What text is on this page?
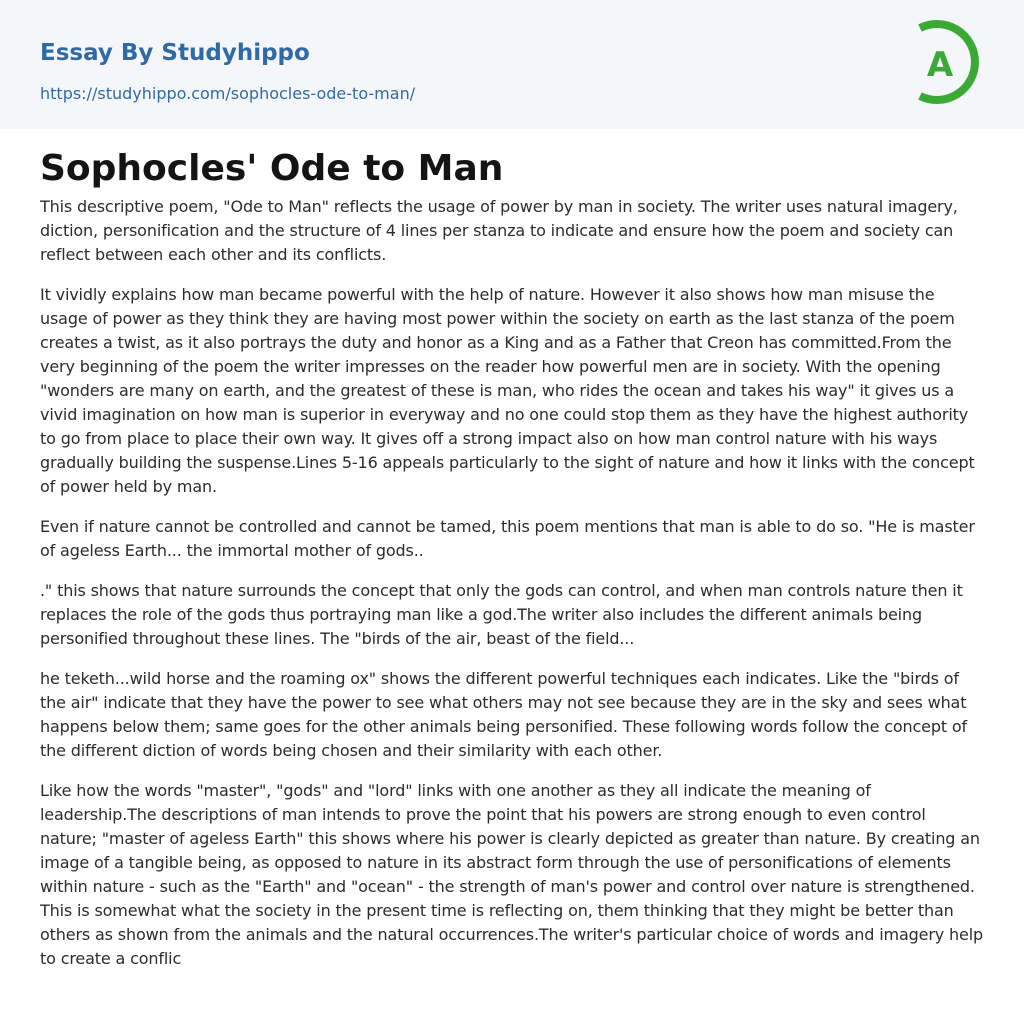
Essay By Studyhippo
https://studyhippo.com/sophocles-ode-to-man/
A
Sophocles' Ode to Man

This descriptive poem, "Ode to Man" reflects the usage of power by man in society. The writer uses natural imagery, diction, personification and the structure of 4 lines per stanza to indicate and ensure how the poem and society can reflect between each other and its conflicts.

It vividly explains how man became powerful with the help of nature. However it also shows how man misuse the usage of power as they think they are having most power within the society on earth as the last stanza of the poem creates a twist, as it also portrays the duty and honor as a King and as a Father that Creon has committed.From the very beginning of the poem the writer impresses on the reader how powerful men are in society. With the opening "wonders are many on earth, and the greatest of these is man, who rides the ocean and takes his way" it gives us a vivid imagination on how man is superior in everyway and no one could stop them as they have the highest authority to go from place to place their own way. It gives off a strong impact also on how man control nature with his ways gradually building the suspense.Lines 5-16 appeals particularly to the sight of nature and how it links with the concept of power held by man.

Even if nature cannot be controlled and cannot be tamed, this poem mentions that man is able to do so. "He is master of ageless Earth... the immortal mother of gods..

." this shows that nature surrounds the concept that only the gods can control, and when man controls nature then it replaces the role of the gods thus portraying man like a god.The writer also includes the different animals being personified throughout these lines. The "birds of the air, beast of the field...

he teketh...wild horse and the roaming ox" shows the different powerful techniques each indicates. Like the "birds of the air" indicate that they have the power to see what others may not see because they are in the sky and sees what happens below them; same goes for the other animals being personified. These following words follow the concept of the different diction of words being chosen and their similarity with each other.

Like how the words "master", "gods" and "lord" links with one another as they all indicate the meaning of leadership.The descriptions of man intends to prove the point that his powers are strong enough to even control nature; "master of ageless Earth" this shows where his power is clearly depicted as greater than nature. By creating an image of a tangible being, as opposed to nature in its abstract form through the use of personifications of elements within nature - such as the "Earth" and "ocean" - the strength of man's power and control over nature is strengthened. This is somewhat what the society in the present time is reflecting on, them thinking that they might be better than others as shown from the animals and the natural occurrences.The writer's particular choice of words and imagery help to create a conflic
